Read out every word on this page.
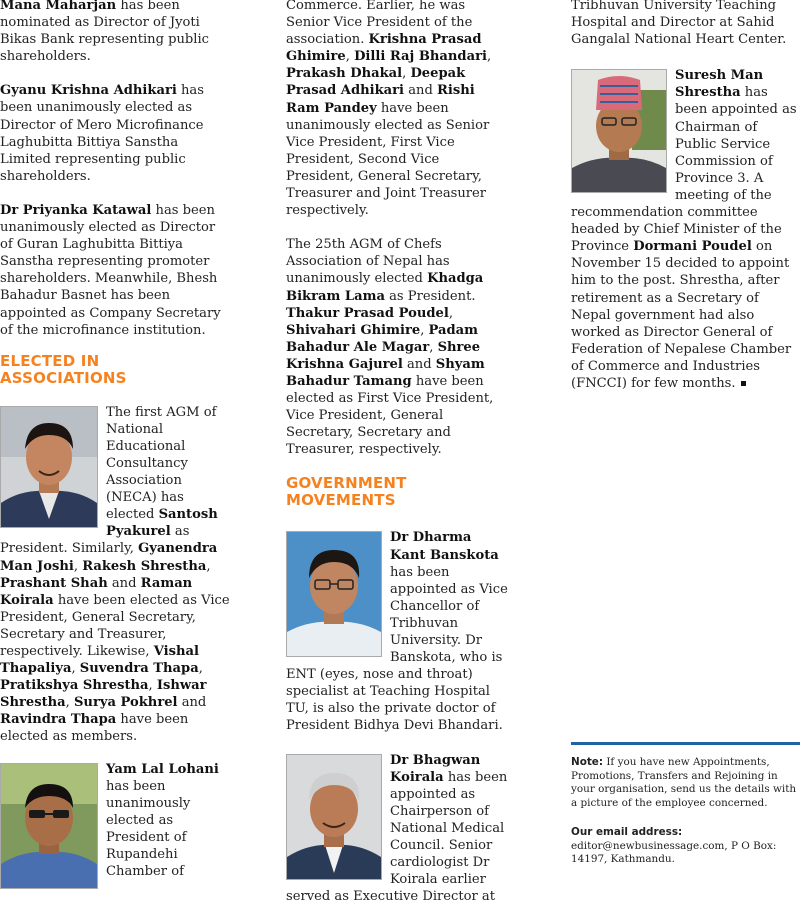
Mana Maharjan has been nominated as Director of Jyoti Bikas Bank representing public shareholders.

Gyanu Krishna Adhikari has been unanimously elected as Director of Mero Microfinance Laghubitta Bittiya Sanstha Limited representing public shareholders.

Dr Priyanka Katawal has been unanimously elected as Director of Guran Laghubitta Bittiya Sanstha representing promoter shareholders. Meanwhile, Bhesh Bahadur Basnet has been appointed as Company Secretary of the microfinance institution.

ELECTED IN ASSOCIATIONS

The first AGM of National Educational Consultancy Association (NECA) has elected Santosh Pyakurel as President. Similarly, Gyanendra Man Joshi, Rakesh Shrestha, Prashant Shah and Raman Koirala have been elected as Vice President, General Secretary, Secretary and Treasurer, respectively. Likewise, Vishal Thapaliya, Suvendra Thapa, Pratikshya Shrestha, Ishwar Shrestha, Surya Pokhrel and Ravindra Thapa have been elected as members.

Yam Lal Lohani has been unanimously elected as President of Rupandehi Chamber of

Commerce. Earlier, he was Senior Vice President of the association. Krishna Prasad Ghimire, Dilli Raj Bhandari, Prakash Dhakal, Deepak Prasad Adhikari and Rishi Ram Pandey have been unanimously elected as Senior Vice President, First Vice President, Second Vice President, General Secretary, Treasurer and Joint Treasurer respectively.

The 25th AGM of Chefs Association of Nepal has unanimously elected Khadga Bikram Lama as President. Thakur Prasad Poudel, Shivahari Ghimire, Padam Bahadur Ale Magar, Shree Krishna Gajurel and Shyam Bahadur Tamang have been elected as First Vice President, Vice President, General Secretary, Secretary and Treasurer, respectively.

GOVERNMENT
MOVEMENTS

Dr Dharma Kant Banskota has been appointed as Vice Chancellor of Tribhuvan University. Dr Banskota, who is ENT (eyes, nose and throat) specialist at Teaching Hospital TU, is also the private doctor of President Bidhya Devi Bhandari.

Dr Bhagwan Koirala has been appointed as Chairperson of National Medical Council. Senior cardiologist Dr Koirala earlier served as Executive Director at

Tribhuvan University Teaching Hospital and Director at Sahid Gangalal National Heart Center.

Suresh Man Shrestha has been appointed as Chairman of Public Service Commission of Province 3. A meeting of the recommendation committee headed by Chief Minister of the Province Dormani Poudel on November 15 decided to appoint him to the post. Shrestha, after retirement as a Secretary of Nepal government had also worked as Director General of Federation of Nepalese Chamber of Commerce and Industries (FNCCI) for few months.

Note: If you have new Appointments, Promotions, Transfers and Rejoining in your organisation, send us the details with a picture of the employee concerned.

Our email address: editor@newbusinessage.com, P O Box: 14197, Kathmandu.
